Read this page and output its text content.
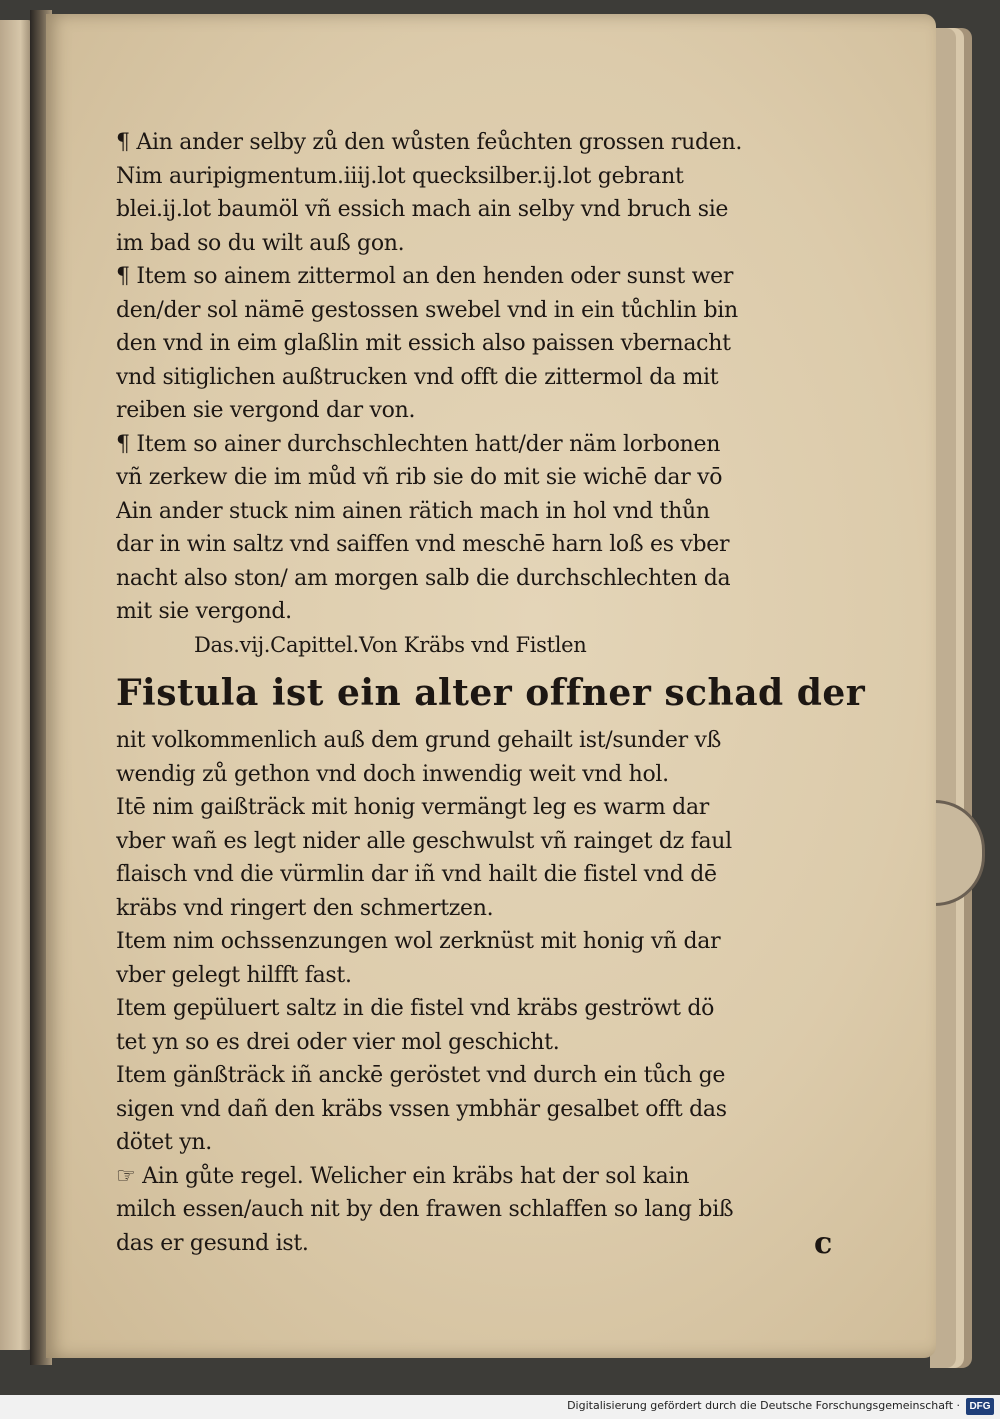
¶ Ain ander selby zů den wůsten feůchten grossen ruden.
Nim auripigmentum.iiij.lot quecksilber.ij.lot gebrant
blei.ij.lot baumöl vñ essich mach ain selby vnd bruch sie
im bad so du wilt auß gon.
¶ Item so ainem zittermol an den henden oder sunst wer
den/der sol nämē gestossen swebel vnd in ein tůchlin bin
den vnd in eim glaßlin mit essich also paissen vbernacht
vnd sitiglichen außtrucken vnd offt die zittermol da mit
reiben sie vergond dar von.
¶ Item so ainer durchschlechten hatt/der näm lorbonen
vñ zerkew die im můd vñ rib sie do mit sie wichē dar vō
Ain ander stuck nim ainen rätich mach in hol vnd thůn
dar in win saltz vnd saiffen vnd meschē harn loß es vber
nacht also ston/ am morgen salb die durchschlechten da
mit sie vergond.
Das.vij.Capittel.Von Kräbs vnd Fistlen
Fistula ist ein alter offner schad der
nit volkommenlich auß dem grund gehailt ist/sunder vß
wendig zů gethon vnd doch inwendig weit vnd hol.
Itē nim gaißträck mit honig vermängt leg es warm dar
vber wañ es legt nider alle geschwulst vñ rainget dz faul
flaisch vnd die vürmlin dar iñ vnd hailt die fistel vnd dē
kräbs vnd ringert den schmertzen.
Item nim ochssenzungen wol zerknüst mit honig vñ dar
vber gelegt hilfft fast.
Item gepüluert saltz in die fistel vnd kräbs geströwt dö
tet yn so es drei oder vier mol geschicht.
Item gänßträck iñ anckē geröstet vnd durch ein tůch ge
sigen vnd dañ den kräbs vssen ymbhär gesalbet offt das
dötet yn.
☞ Ain gůte regel. Welicher ein kräbs hat der sol kain
milch essen/auch nit by den frawen schlaffen so lang biß
das er gesund ist.	c
Digitalisierung gefördert durch die Deutsche Forschungsgemeinschaft · DFG
